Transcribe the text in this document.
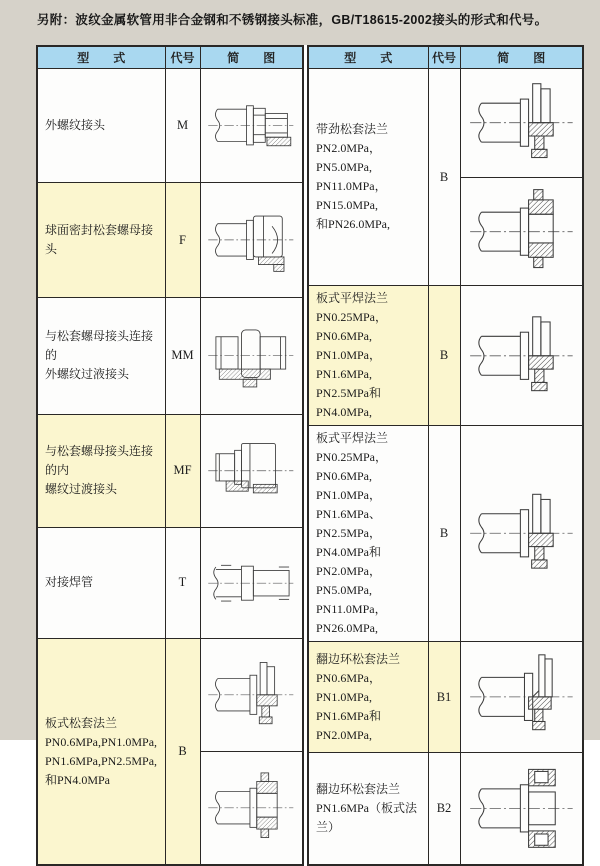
另附：波纹金属软管用非合金钢和不锈钢接头标准，GB/T18615-2002接头的形式和代号。
型　　式	代号	简　　图

外螺纹接头	M	

球面密封松套螺母接头	F	

与松套螺母接头连接的
外螺纹过液接头	MM	

与松套螺母接头连接的内
螺纹过渡接头	MF	

对接焊管	T	

板式松套法兰
PN0.6MPa,PN1.0MPa,
PN1.6MPa,PN2.5MPa,
和PN4.0MPa	B	
型　　式	代号	简　　图

带劲松套法兰
PN2.0MPa，PN5.0MPa,
PN11.0MPa，PN15.0MPa,
和PN26.0MPa,	B	

板式平焊法兰
PN0.25MPa，PN0.6MPa,
PN1.0MPa，PN1.6MPa,
PN2.5MPa和PN4.0MPa,	B	

板式平焊法兰
PN0.25MPa，PN0.6MPa,
PN1.0MPa，PN1.6MPa、
PN2.5MPa，PN4.0MPa和
PN2.0MPa，PN5.0MPa,
PN11.0MPa，PN26.0MPa,
	B	

翻边环松套法兰
PN0.6MPa，PN1.0MPa,
PN1.6MPa和PN2.0MPa,	B1	

翻边环松套法兰
PN1.6MPa（板式法兰）	B2	
